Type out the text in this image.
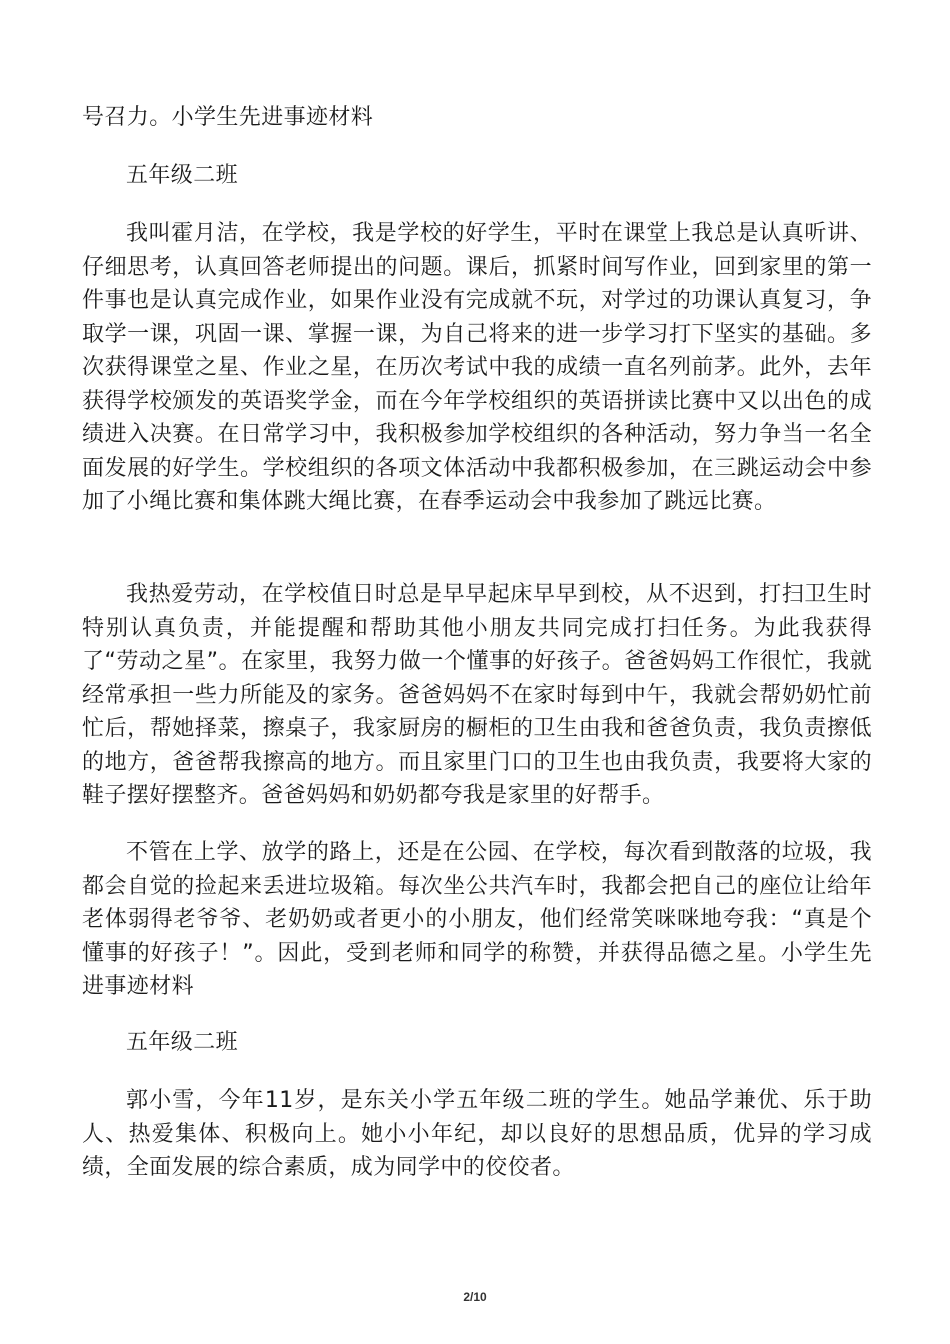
号召力。小学生先进事迹材料

五年级二班

我叫霍月洁，在学校，我是学校的好学生，平时在课堂上我总是认真听讲、仔细思考，认真回答老师提出的问题。课后，抓紧时间写作业，回到家里的第一件事也是认真完成作业，如果作业没有完成就不玩，对学过的功课认真复习，争取学一课，巩固一课、掌握一课，为自己将来的进一步学习打下坚实的基础。多次获得课堂之星、作业之星，在历次考试中我的成绩一直名列前茅。此外，去年获得学校颁发的英语奖学金，而在今年学校组织的英语拼读比赛中又以出色的成绩进入决赛。在日常学习中，我积极参加学校组织的各种活动，努力争当一名全面发展的好学生。学校组织的各项文体活动中我都积极参加，在三跳运动会中参加了小绳比赛和集体跳大绳比赛，在春季运动会中我参加了跳远比赛。

我热爱劳动，在学校值日时总是早早起床早早到校，从不迟到，打扫卫生时特别认真负责，并能提醒和帮助其他小朋友共同完成打扫任务。为此我获得了“劳动之星”。在家里，我努力做一个懂事的好孩子。爸爸妈妈工作很忙，我就经常承担一些力所能及的家务。爸爸妈妈不在家时每到中午，我就会帮奶奶忙前忙后，帮她择菜，擦桌子，我家厨房的橱柜的卫生由我和爸爸负责，我负责擦低的地方，爸爸帮我擦高的地方。而且家里门口的卫生也由我负责，我要将大家的鞋子摆好摆整齐。爸爸妈妈和奶奶都夸我是家里的好帮手。

不管在上学、放学的路上，还是在公园、在学校，每次看到散落的垃圾，我都会自觉的捡起来丢进垃圾箱。每次坐公共汽车时，我都会把自己的座位让给年老体弱得老爷爷、老奶奶或者更小的小朋友，他们经常笑咪咪地夸我：“真是个懂事的好孩子！”。因此，受到老师和同学的称赞，并获得品德之星。小学生先进事迹材料

五年级二班

郭小雪，今年11岁，是东关小学五年级二班的学生。她品学兼优、乐于助人、热爱集体、积极向上。她小小年纪，却以良好的思想品质，优异的学习成绩，全面发展的综合素质，成为同学中的佼佼者。

2/10
